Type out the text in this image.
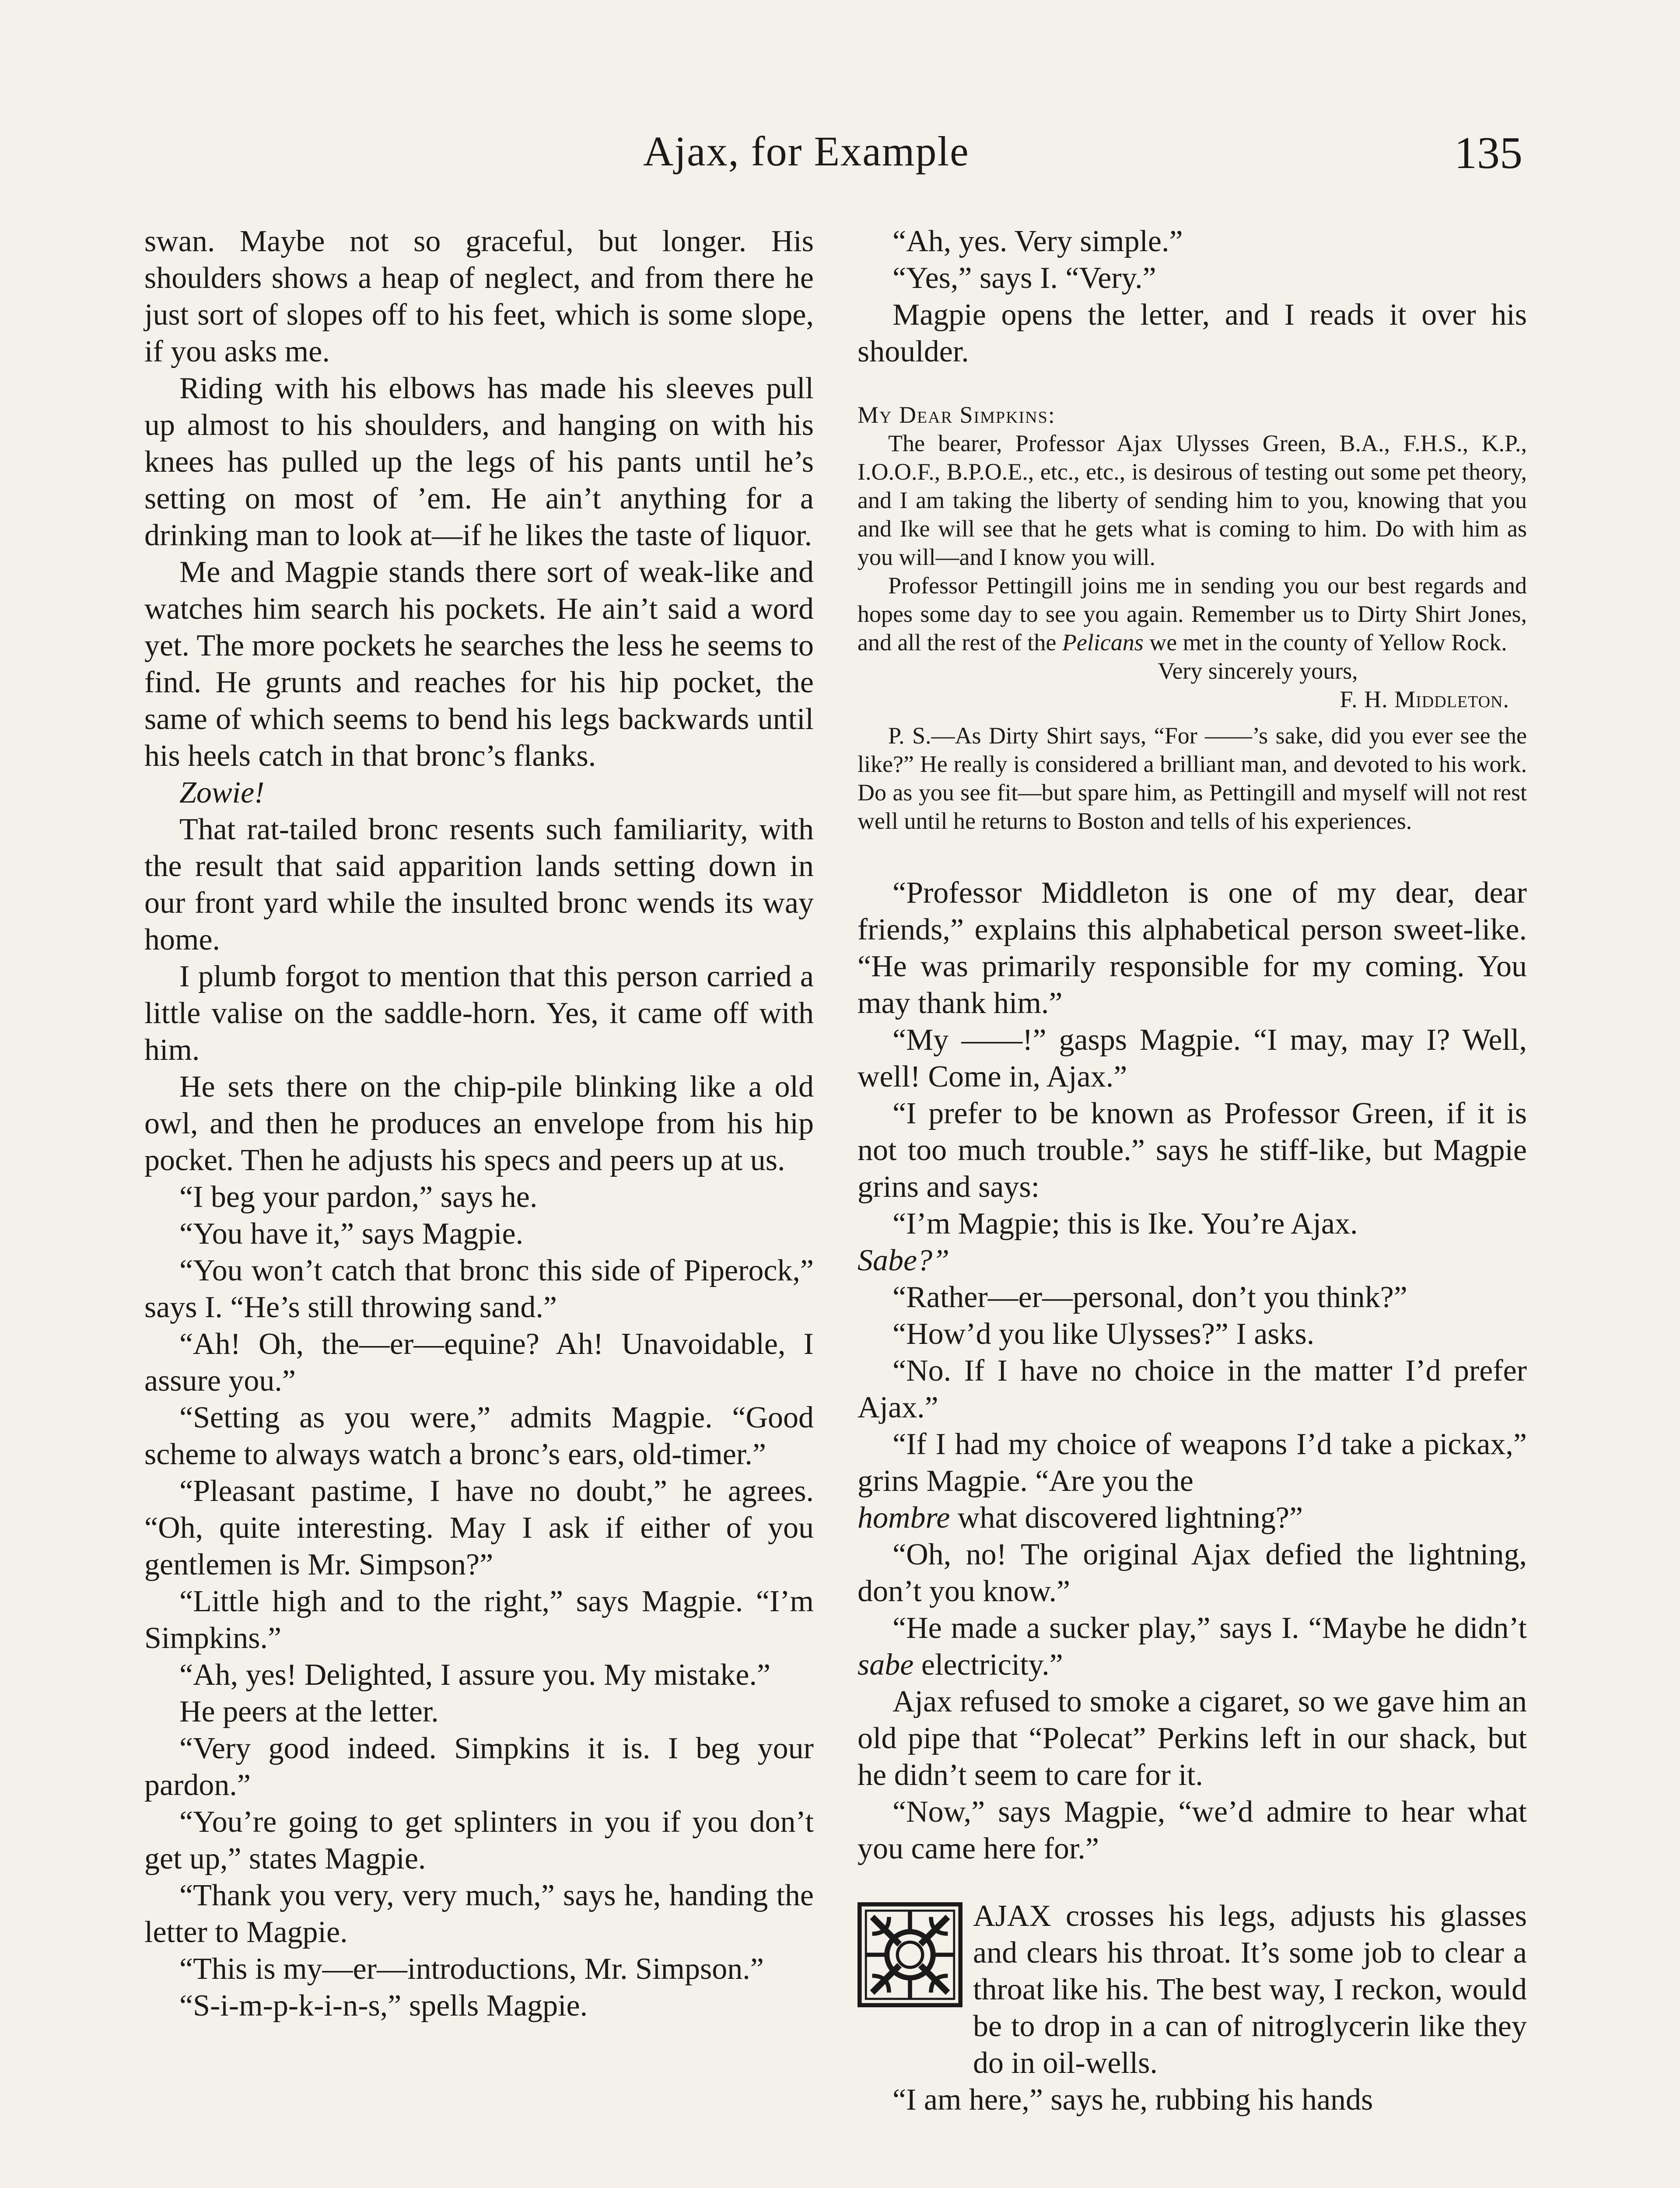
Ajax, for Example	135

swan. Maybe not so graceful, but longer. His shoulders shows a heap of neglect, and from there he just sort of slopes off to his feet, which is some slope, if you asks me.

Riding with his elbows has made his sleeves pull up almost to his shoulders, and hanging on with his knees has pulled up the legs of his pants until he’s setting on most of ’em. He ain’t anything for a drinking man to look at—if he likes the taste of liquor.

Me and Magpie stands there sort of weak-like and watches him search his pockets. He ain’t said a word yet. The more pockets he searches the less he seems to find. He grunts and reaches for his hip pocket, the same of which seems to bend his legs backwards until his heels catch in that bronc’s flanks.

Zowie!

That rat-tailed bronc resents such familiarity, with the result that said apparition lands setting down in our front yard while the insulted bronc wends its way home.

I plumb forgot to mention that this person carried a little valise on the saddle-horn. Yes, it came off with him.

He sets there on the chip-pile blinking like a old owl, and then he produces an envelope from his hip pocket. Then he adjusts his specs and peers up at us.

“I beg your pardon,” says he.

“You have it,” says Magpie.

“You won’t catch that bronc this side of Piperock,” says I. “He’s still throwing sand.”

“Ah! Oh, the—er—equine? Ah! Unavoidable, I assure you.”

“Setting as you were,” admits Magpie. “Good scheme to always watch a bronc’s ears, old-timer.”

“Pleasant pastime, I have no doubt,” he agrees. “Oh, quite interesting. May I ask if either of you gentlemen is Mr. Simpson?”

“Little high and to the right,” says Magpie. “I’m Simpkins.”

“Ah, yes! Delighted, I assure you. My mistake.”

He peers at the letter.

“Very good indeed. Simpkins it is. I beg your pardon.”

“You’re going to get splinters in you if you don’t get up,” states Magpie.

“Thank you very, very much,” says he, handing the letter to Magpie.

“This is my—er—introductions, Mr. Simpson.”

“S-i-m-p-k-i-n-s,” spells Magpie.

“Ah, yes. Very simple.”

“Yes,” says I. “Very.”

Magpie opens the letter, and I reads it over his shoulder.

My Dear Simpkins:

The bearer, Professor Ajax Ulysses Green, B.A., F.H.S., K.P., I.O.O.F., B.P.O.E., etc., etc., is desirous of testing out some pet theory, and I am taking the liberty of sending him to you, knowing that you and Ike will see that he gets what is coming to him. Do with him as you will—and I know you will.

Professor Pettingill joins me in sending you our best regards and hopes some day to see you again. Remember us to Dirty Shirt Jones, and all the rest of the Pelicans we met in the county of Yellow Rock.

Very sincerely yours,

F. H. Middleton.

P. S.—As Dirty Shirt says, “For ——’s sake, did you ever see the like?” He really is considered a brilliant man, and devoted to his work. Do as you see fit—but spare him, as Pettingill and myself will not rest well until he returns to Boston and tells of his experiences.

“Professor Middleton is one of my dear, dear friends,” explains this alphabetical person sweet-like. “He was primarily responsible for my coming. You may thank him.”

“My ——!” gasps Magpie. “I may, may I? Well, well! Come in, Ajax.”

“I prefer to be known as Professor Green, if it is not too much trouble.” says he stiff-like, but Magpie grins and says:

“I’m Magpie; this is Ike. You’re Ajax.

Sabe?”

“Rather—er—personal, don’t you think?”

“How’d you like Ulysses?” I asks.

“No. If I have no choice in the matter I’d prefer Ajax.”

“If I had my choice of weapons I’d take a pickax,” grins Magpie. “Are you the

hombre what discovered lightning?”

“Oh, no! The original Ajax defied the lightning, don’t you know.”

“He made a sucker play,” says I. “Maybe he didn’t sabe electricity.”

Ajax refused to smoke a cigaret, so we gave him an old pipe that “Polecat” Perkins left in our shack, but he didn’t seem to care for it.

“Now,” says Magpie, “we’d admire to hear what you came here for.”

AJAX crosses his legs, adjusts his glasses and clears his throat. It’s some job to clear a throat like his. The best way, I reckon, would be to drop in a can of nitroglycerin like they do in oil-wells.

“I am here,” says he, rubbing his hands
